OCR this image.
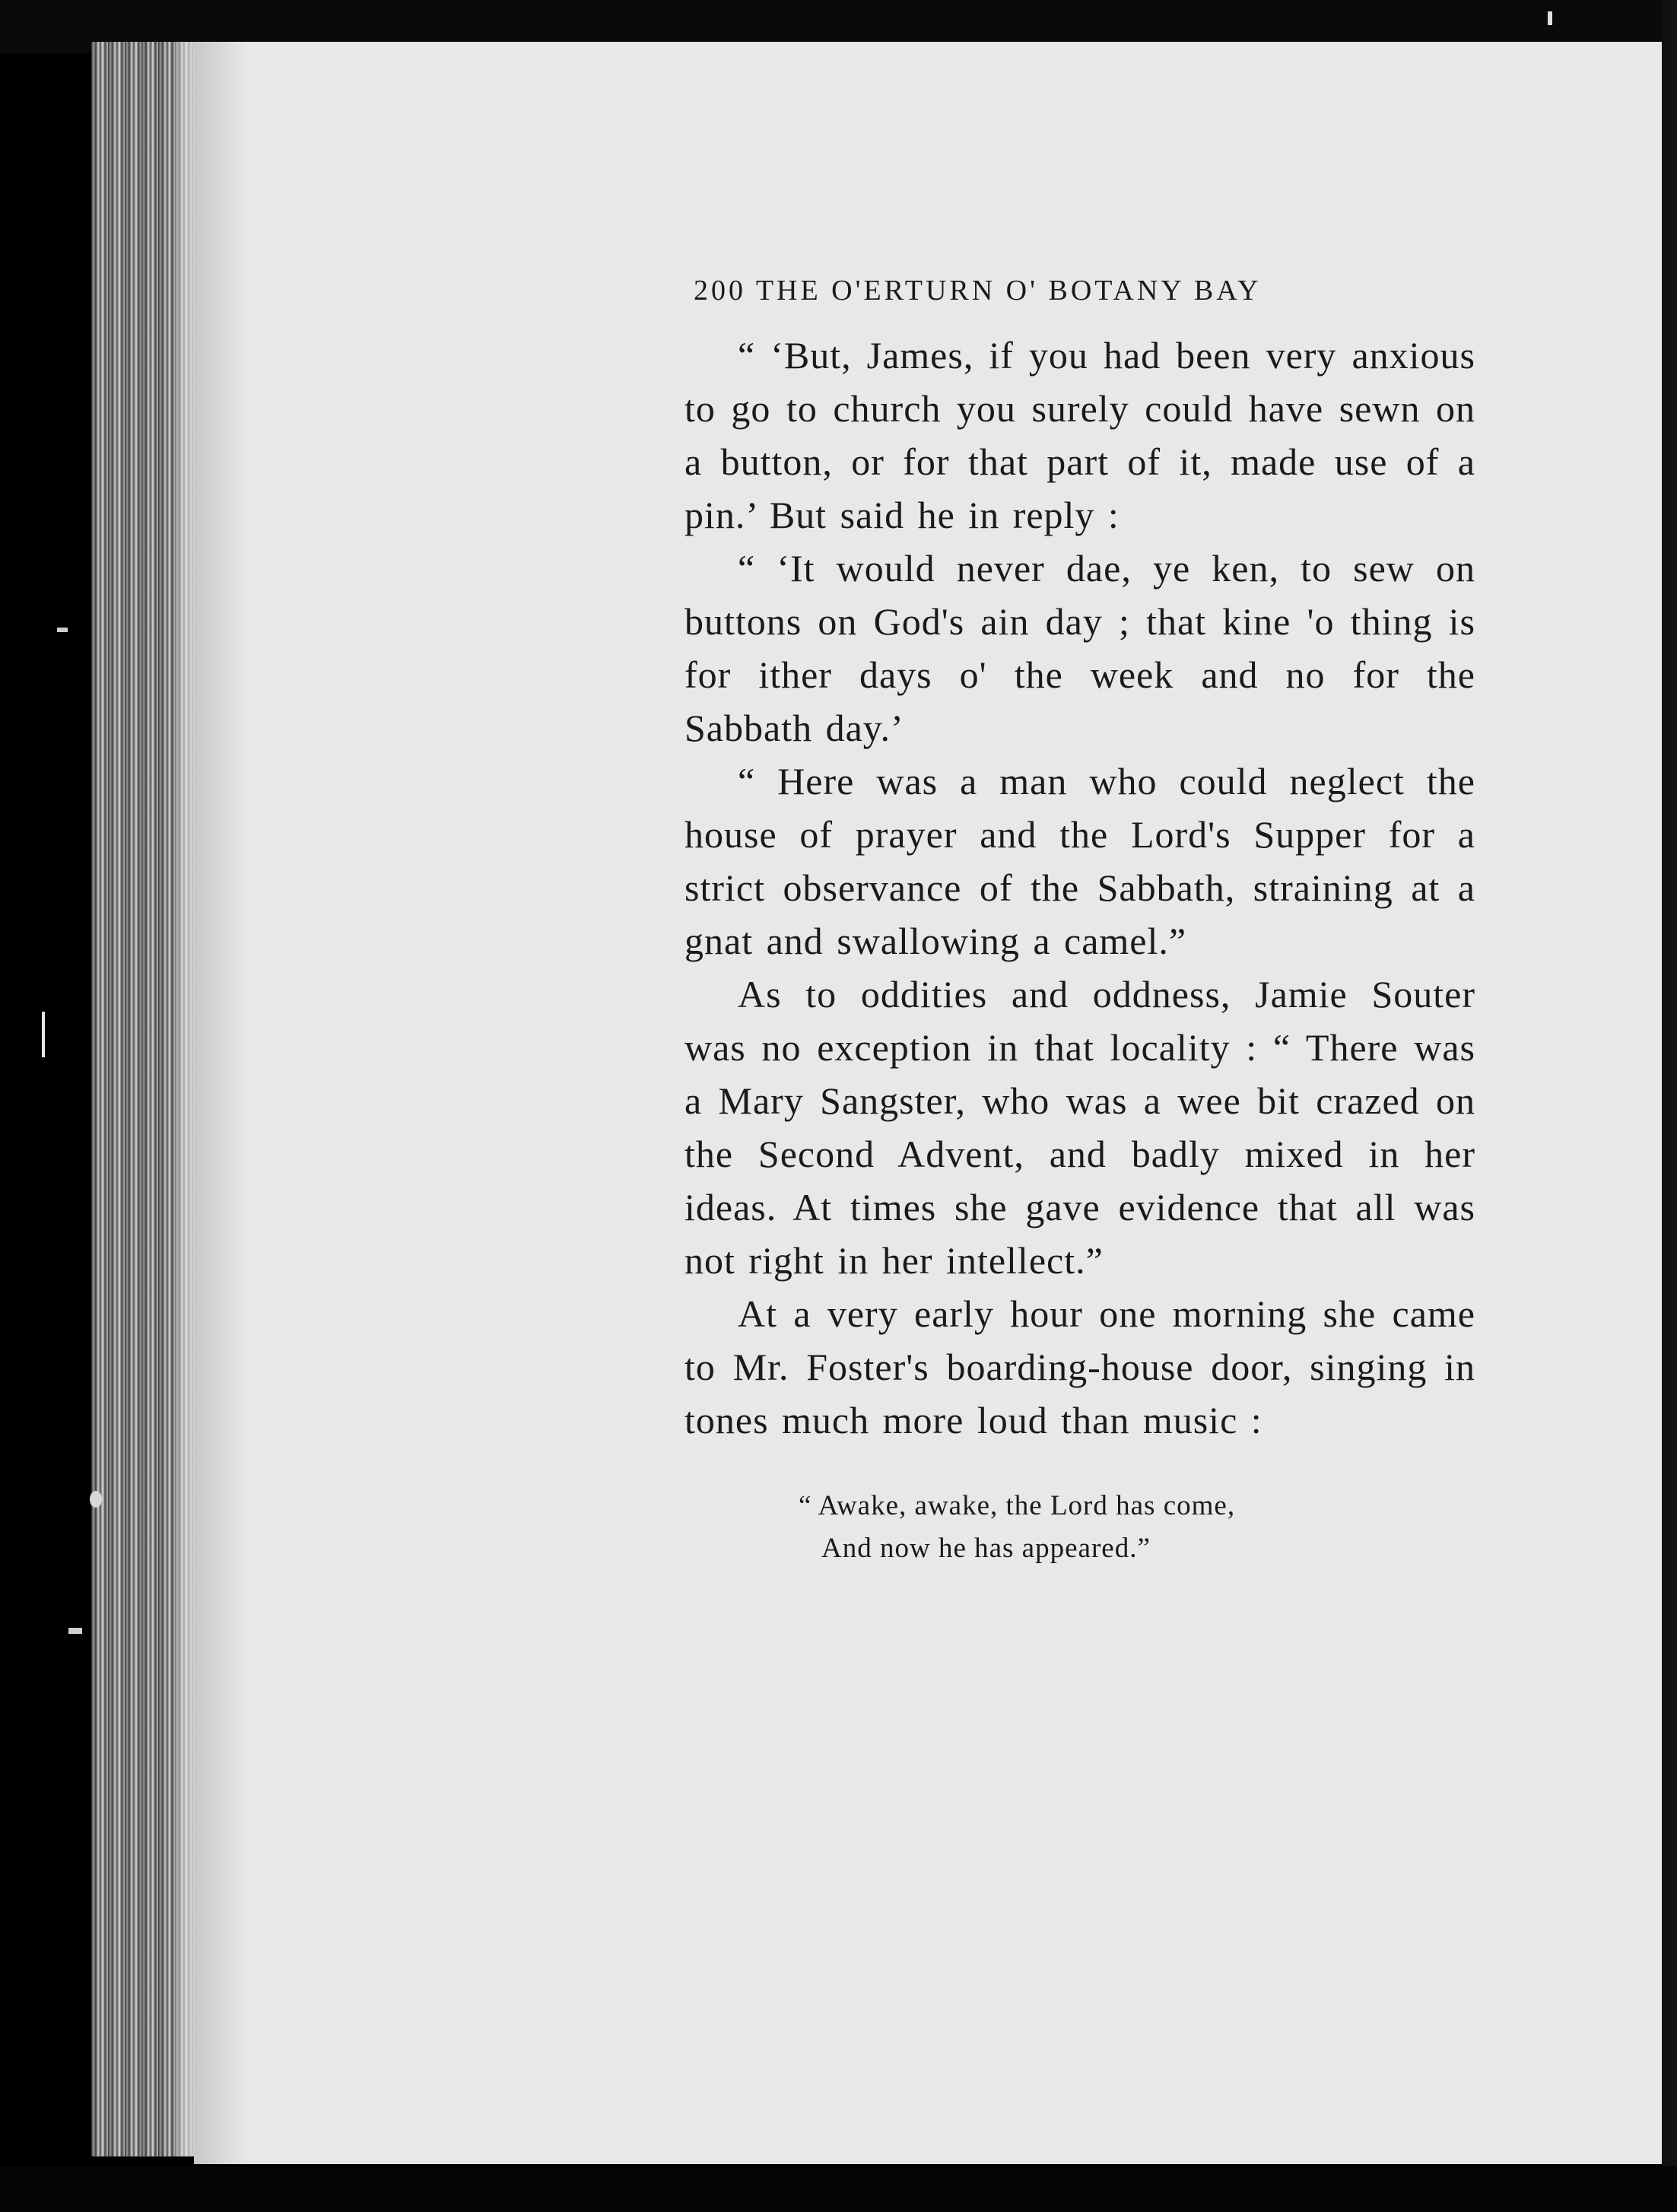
200 THE O'ERTURN O' BOTANY BAY

“ ‘But, James, if you had been very anxious to go to church you surely could have sewn on a button, or for that part of it, made use of a pin.’ But said he in reply :

“ ‘It would never dae, ye ken, to sew on buttons on God's ain day ; that kine 'o thing is for ither days o' the week and no for the Sabbath day.’

“ Here was a man who could neglect the house of prayer and the Lord's Supper for a strict observance of the Sabbath, straining at a gnat and swallowing a camel.”

As to oddities and oddness, Jamie Souter was no exception in that locality : “ There was a Mary Sangster, who was a wee bit crazed on the Second Advent, and badly mixed in her ideas. At times she gave evidence that all was not right in her intellect.”

At a very early hour one morning she came to Mr. Foster's boarding-house door, singing in tones much more loud than music :

“ Awake, awake, the Lord has come,
And now he has appeared.”
